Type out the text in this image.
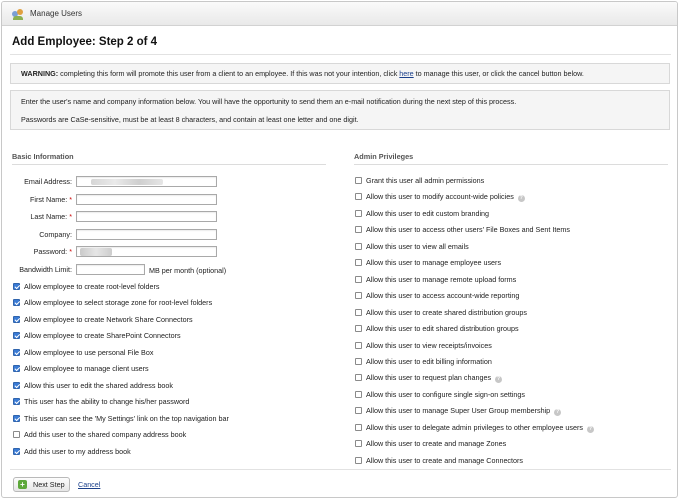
Manage Users
Add Employee: Step 2 of 4
WARNING: completing this form will promote this user from a client to an employee. If this was not your intention, click here to manage this user, or click the cancel button below.

Enter the user's name and company information below. You will have the opportunity to send them an e-mail notification during the next step of this process.

Passwords are CaSe-sensitive, must be at least 8 characters, and contain at least one letter and one digit.

Basic Information
Email Address:
First Name: *
Last Name: *
Company:
Password: *
Bandwidth Limit:	MB per month (optional)
Allow employee to create root-level folders
Allow employee to select storage zone for root-level folders
Allow employee to create Network Share Connectors
Allow employee to create SharePoint Connectors
Allow employee to use personal File Box
Allow employee to manage client users
Allow this user to edit the shared address book
This user has the ability to change his/her password
This user can see the 'My Settings' link on the top navigation bar
Add this user to the shared company address book
Add this user to my address book
Admin Privileges
Grant this user all admin permissions
Allow this user to modify account-wide policies ?
Allow this user to edit custom branding
Allow this user to access other users' File Boxes and Sent Items
Allow this user to view all emails
Allow this user to manage employee users
Allow this user to manage remote upload forms
Allow this user to access account-wide reporting
Allow this user to create shared distribution groups
Allow this user to edit shared distribution groups
Allow this user to view receipts/invoices
Allow this user to edit billing information
Allow this user to request plan changes ?
Allow this user to configure single sign-on settings
Allow this user to manage Super User Group membership ?
Allow this user to delegate admin privileges to other employee users ?
Allow this user to create and manage Zones
Allow this user to create and manage Connectors
+	Next Step Cancel
